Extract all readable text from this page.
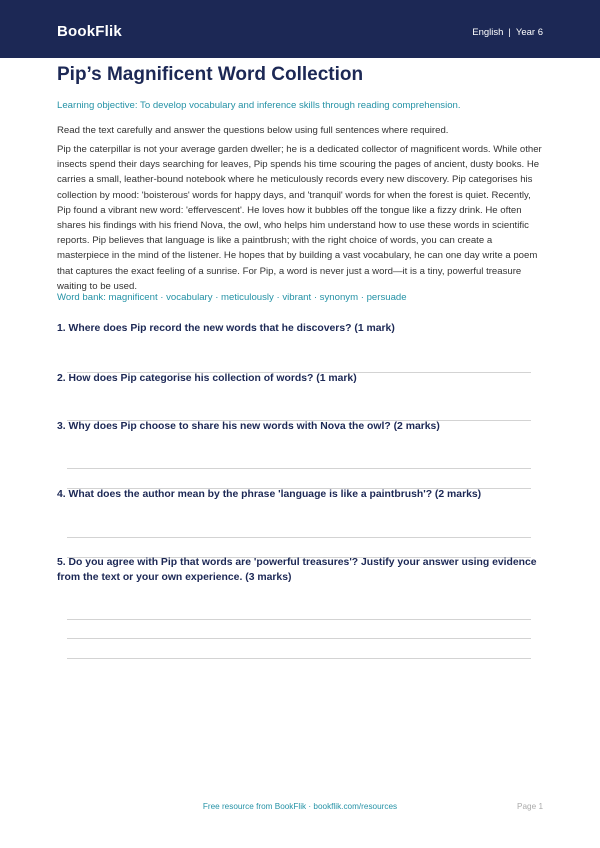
BookFlik	English | Year 6
Pip’s Magnificent Word Collection
Learning objective: To develop vocabulary and inference skills through reading comprehension.
Read the text carefully and answer the questions below using full sentences where required.

Pip the caterpillar is not your average garden dweller; he is a dedicated collector of magnificent words. While other insects spend their days searching for leaves, Pip spends his time scouring the pages of ancient, dusty books. He carries a small, leather-bound notebook where he meticulously records every new discovery. Pip categorises his collection by mood: 'boisterous' words for happy days, and 'tranquil' words for when the forest is quiet. Recently, Pip found a vibrant new word: 'effervescent'. He loves how it bubbles off the tongue like a fizzy drink. He often shares his findings with his friend Nova, the owl, who helps him understand how to use these words in scientific reports. Pip believes that language is like a paintbrush; with the right choice of words, you can create a masterpiece in the mind of the listener. He hopes that by building a vast vocabulary, he can one day write a poem that captures the exact feeling of a sunrise. For Pip, a word is never just a word—it is a tiny, powerful treasure waiting to be used.

Word bank: magnificent · vocabulary · meticulously · vibrant · synonym · persuade
1. Where does Pip record the new words that he discovers? (1 mark)
2. How does Pip categorise his collection of words? (1 mark)
3. Why does Pip choose to share his new words with Nova the owl? (2 marks)
4. What does the author mean by the phrase 'language is like a paintbrush'? (2 marks)
5. Do you agree with Pip that words are 'powerful treasures'? Justify your answer using evidence from the text or your own experience. (3 marks)
Free resource from BookFlik · bookflik.com/resources	Page 1
